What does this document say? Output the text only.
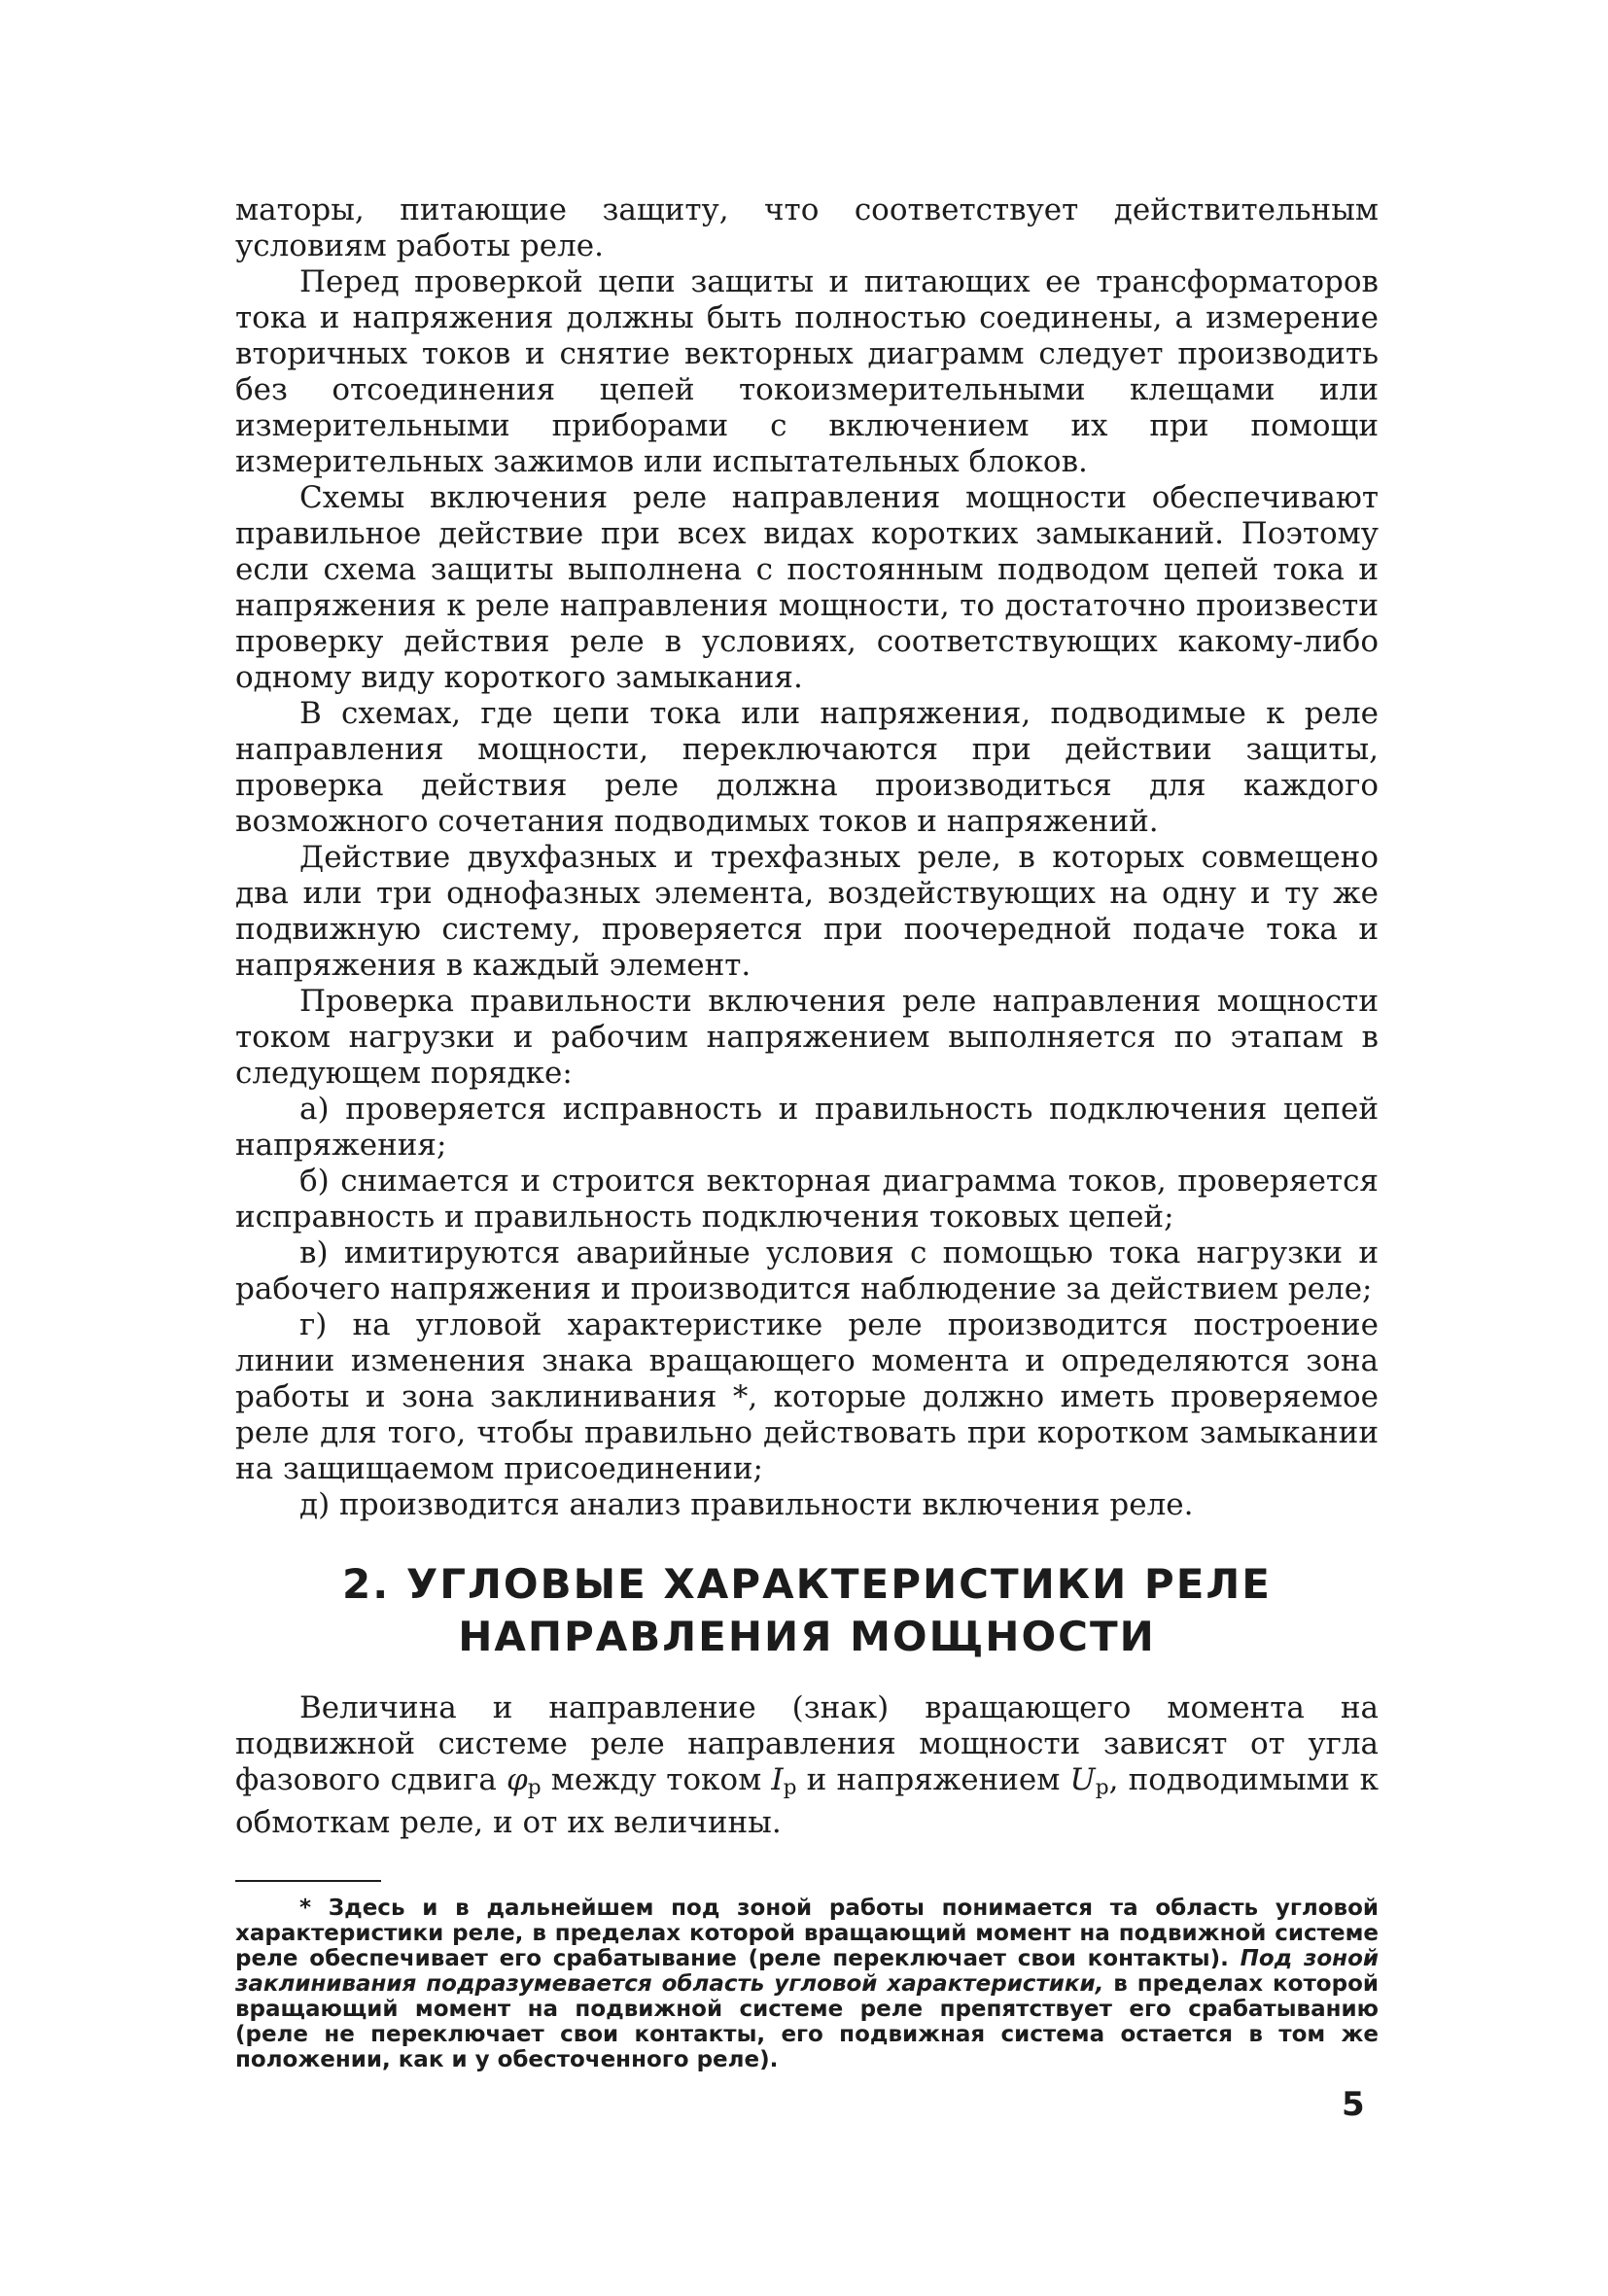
маторы, питающие защиту, что соответствует действительным условиям работы реле.

Перед проверкой цепи защиты и питающих ее трансформаторов тока и напряжения должны быть полностью соединены, а измерение вторичных токов и снятие векторных диаграмм следует производить без отсоединения цепей токоизмерительными клещами или измерительными приборами с включением их при помощи измерительных зажимов или испытательных блоков.

Схемы включения реле направления мощности обеспечивают правильное действие при всех видах коротких замыканий. Поэтому если схема защиты выполнена с постоянным подводом цепей тока и напряжения к реле направления мощности, то достаточно произвести проверку действия реле в условиях, соответствующих какому-либо одному виду короткого замыкания.

В схемах, где цепи тока или напряжения, подводимые к реле направления мощности, переключаются при действии защиты, проверка действия реле должна производиться для каждого возможного сочетания подводимых токов и напряжений.

Действие двухфазных и трехфазных реле, в которых совмещено два или три однофазных элемента, воздействующих на одну и ту же подвижную систему, проверяется при поочередной подаче тока и напряжения в каждый элемент.

Проверка правильности включения реле направления мощности током нагрузки и рабочим напряжением выполняется по этапам в следующем порядке:

а) проверяется исправность и правильность подключения цепей напряжения;

б) снимается и строится векторная диаграмма токов, проверяется исправность и правильность подключения токовых цепей;

в) имитируются аварийные условия с помощью тока нагрузки и рабочего напряжения и производится наблюдение за действием реле;

г) на угловой характеристике реле производится построение линии изменения знака вращающего момента и определяются зона работы и зона заклинивания *, которые должно иметь проверяемое реле для того, чтобы правильно действовать при коротком замыкании на защищаемом присоединении;

д) производится анализ правильности включения реле.

2. УГЛОВЫЕ ХАРАКТЕРИСТИКИ РЕЛЕ
НАПРАВЛЕНИЯ МОЩНОСТИ

Величина и направление (знак) вращающего момента на подвижной системе реле направления мощности зависят от угла фазового сдвига $\varphi_р$ между током $I_р$ и напряжением $U_р$, подводимыми к обмоткам реле, и от их величины.

* Здесь и в дальнейшем под зоной работы понимается та область угловой характеристики реле, в пределах которой вращающий момент на подвижной системе реле обеспечивает его срабатывание (реле переключает свои контакты). Под зоной заклинивания подразумевается область угловой характеристики, в пределах которой вращающий момент на подвижной системе реле препятствует его срабатыванию (реле не переключает свои контакты, его подвижная система остается в том же положении, как и у обесточенного реле).

5
